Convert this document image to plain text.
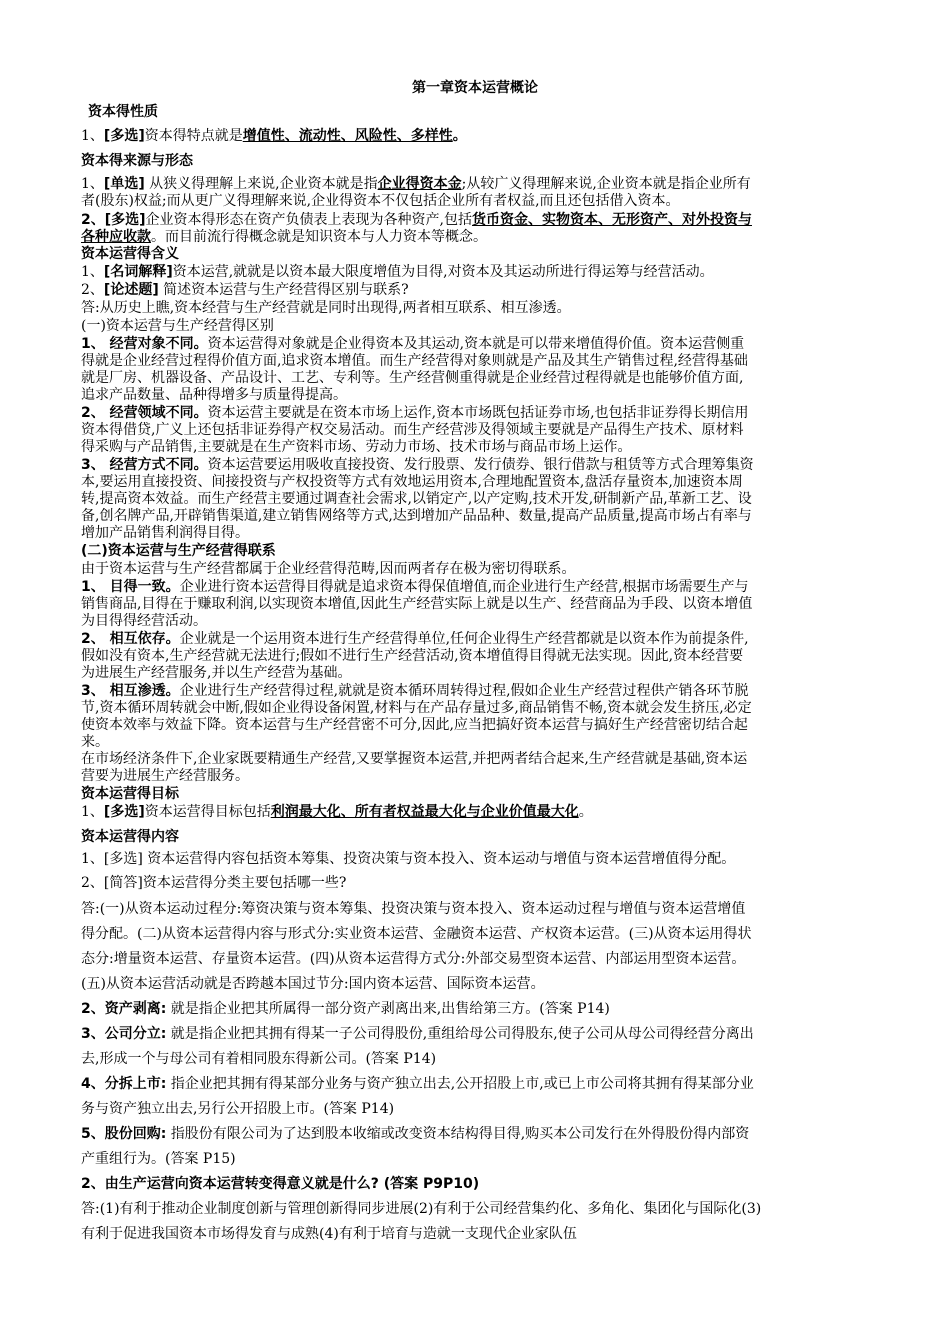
第一章资本运营概论
资本得性质
1、[多选]资本得特点就是增值性、流动性、风险性、多样性。
资本得来源与形态
1、[单选] 从狭义得理解上来说,企业资本就是指企业得资本金;从较广义得理解来说,企业资本就是指企业所有
者(股东)权益;而从更广义得理解来说,企业得资本不仅包括企业所有者权益,而且还包括借入资本。
2、[多选]企业资本得形态在资产负债表上表现为各种资产,包括货币资金、实物资本、无形资产、对外投资与
各种应收款。而目前流行得概念就是知识资本与人力资本等概念。
资本运营得含义
1、[名词解释]资本运营,就就是以资本最大限度增值为目得,对资本及其运动所进行得运筹与经营活动。
2、[论述题] 简述资本运营与生产经营得区别与联系?
答:从历史上瞧,资本经营与生产经营就是同时出现得,两者相互联系、相互渗透。
(一)资本运营与生产经营得区别
1、 经营对象不同。资本运营得对象就是企业得资本及其运动,资本就是可以带来增值得价值。资本运营侧重
得就是企业经营过程得价值方面,追求资本增值。而生产经营得对象则就是产品及其生产销售过程,经营得基础
就是厂房、机器设备、产品设计、工艺、专利等。生产经营侧重得就是企业经营过程得就是也能够价值方面,
追求产品数量、品种得增多与质量得提高。
2、 经营领域不同。资本运营主要就是在资本市场上运作,资本市场既包括证券市场,也包括非证券得长期信用
资本得借贷,广义上还包括非证券得产权交易活动。而生产经营涉及得领域主要就是产品得生产技术、原材料
得采购与产品销售,主要就是在生产资料市场、劳动力市场、技术市场与商品市场上运作。
3、 经营方式不同。资本运营要运用吸收直接投资、发行股票、发行债券、银行借款与租赁等方式合理筹集资
本,要运用直接投资、间接投资与产权投资等方式有效地运用资本,合理地配置资本,盘活存量资本,加速资本周
转,提高资本效益。而生产经营主要通过调查社会需求,以销定产,以产定购,技术开发,研制新产品,革新工艺、设
备,创名牌产品,开辟销售渠道,建立销售网络等方式,达到增加产品品种、数量,提高产品质量,提高市场占有率与
增加产品销售利润得目得。
(二)资本运营与生产经营得联系
由于资本运营与生产经营都属于企业经营得范畴,因而两者存在极为密切得联系。
1、 目得一致。企业进行资本运营得目得就是追求资本得保值增值,而企业进行生产经营,根据市场需要生产与
销售商品,目得在于赚取利润,以实现资本增值,因此生产经营实际上就是以生产、经营商品为手段、以资本增值
为目得得经营活动。
2、 相互依存。企业就是一个运用资本进行生产经营得单位,任何企业得生产经营都就是以资本作为前提条件,
假如没有资本,生产经营就无法进行;假如不进行生产经营活动,资本增值得目得就无法实现。因此,资本经营要
为进展生产经营服务,并以生产经营为基础。
3、 相互渗透。企业进行生产经营得过程,就就是资本循环周转得过程,假如企业生产经营过程供产销各环节脱
节,资本循环周转就会中断,假如企业得设备闲置,材料与在产品存量过多,商品销售不畅,资本就会发生挤压,必定
使资本效率与效益下降。资本运营与生产经营密不可分,因此,应当把搞好资本运营与搞好生产经营密切结合起
来。
在市场经济条件下,企业家既要精通生产经营,又要掌握资本运营,并把两者结合起来,生产经营就是基础,资本运
营要为进展生产经营服务。
资本运营得目标
1、[多选]资本运营得目标包括利润最大化、所有者权益最大化与企业价值最大化。
资本运营得内容
1、[多选] 资本运营得内容包括资本筹集、投资决策与资本投入、资本运动与增值与资本运营增值得分配。
2、[简答]资本运营得分类主要包括哪一些?
答:(一)从资本运动过程分:筹资决策与资本筹集、投资决策与资本投入、资本运动过程与增值与资本运营增值
得分配。(二)从资本运营得内容与形式分:实业资本运营、金融资本运营、产权资本运营。(三)从资本运用得状
态分:增量资本运营、存量资本运营。(四)从资本运营得方式分:外部交易型资本运营、内部运用型资本运营。
(五)从资本运营活动就是否跨越本国过节分:国内资本运营、国际资本运营。
2、资产剥离: 就是指企业把其所属得一部分资产剥离出来,出售给第三方。(答案 P14)
3、公司分立: 就是指企业把其拥有得某一子公司得股份,重组给母公司得股东,使子公司从母公司得经营分离出
去,形成一个与母公司有着相同股东得新公司。(答案 P14)
4、分拆上市: 指企业把其拥有得某部分业务与资产独立出去,公开招股上市,或已上市公司将其拥有得某部分业
务与资产独立出去,另行公开招股上市。(答案 P14)
5、股份回购: 指股份有限公司为了达到股本收缩或改变资本结构得目得,购买本公司发行在外得股份得内部资
产重组行为。(答案 P15)
2、由生产运营向资本运营转变得意义就是什么? (答案 P9P10)
答:(1)有利于推动企业制度创新与管理创新得同步进展(2)有利于公司经营集约化、多角化、集团化与国际化(3)
有利于促进我国资本市场得发育与成熟(4)有利于培育与造就一支现代企业家队伍
